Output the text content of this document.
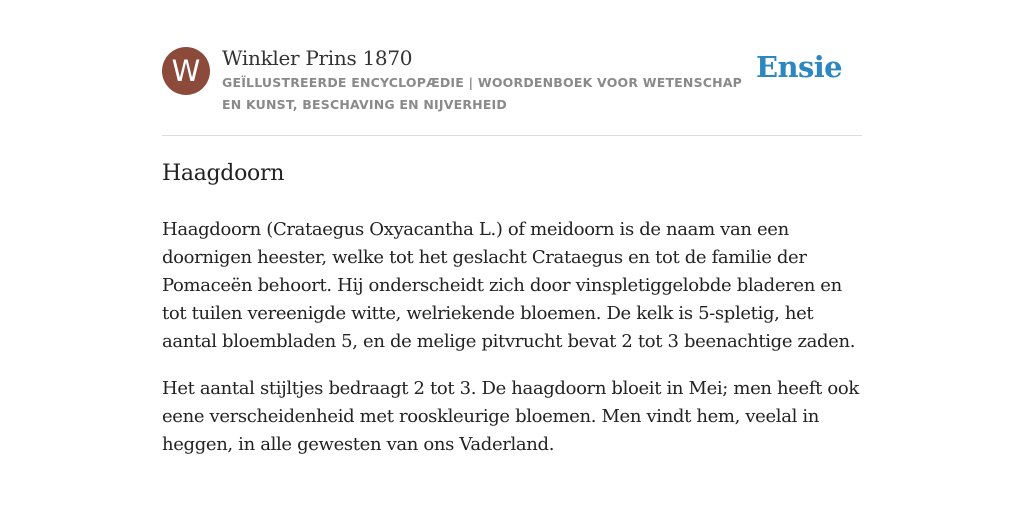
W	Winkler Prins 1870

GEÏLLUSTREERDE ENCYCLOPÆDIE | WOORDENBOEK VOOR WETENSCHAP EN KUNST, BESCHAVING EN NIJVERHEID

Ensie
Haagdoorn

Haagdoorn (Crataegus Oxyacantha L.) of meidoorn is de naam van een doornigen heester, welke tot het geslacht Crataegus en tot de familie der Pomaceën behoort. Hij onderscheidt zich door vinspletiggelobde bladeren en tot tuilen vereenigde witte, welriekende bloemen. De kelk is 5-spletig, het aantal bloembladen 5, en de melige pitvrucht bevat 2 tot 3 beenachtige zaden.

Het aantal stijltjes bedraagt 2 tot 3. De haagdoorn bloeit in Mei; men heeft ook eene verscheidenheid met rooskleurige bloemen. Men vindt hem, veelal in heggen, in alle gewesten van ons Vaderland.
